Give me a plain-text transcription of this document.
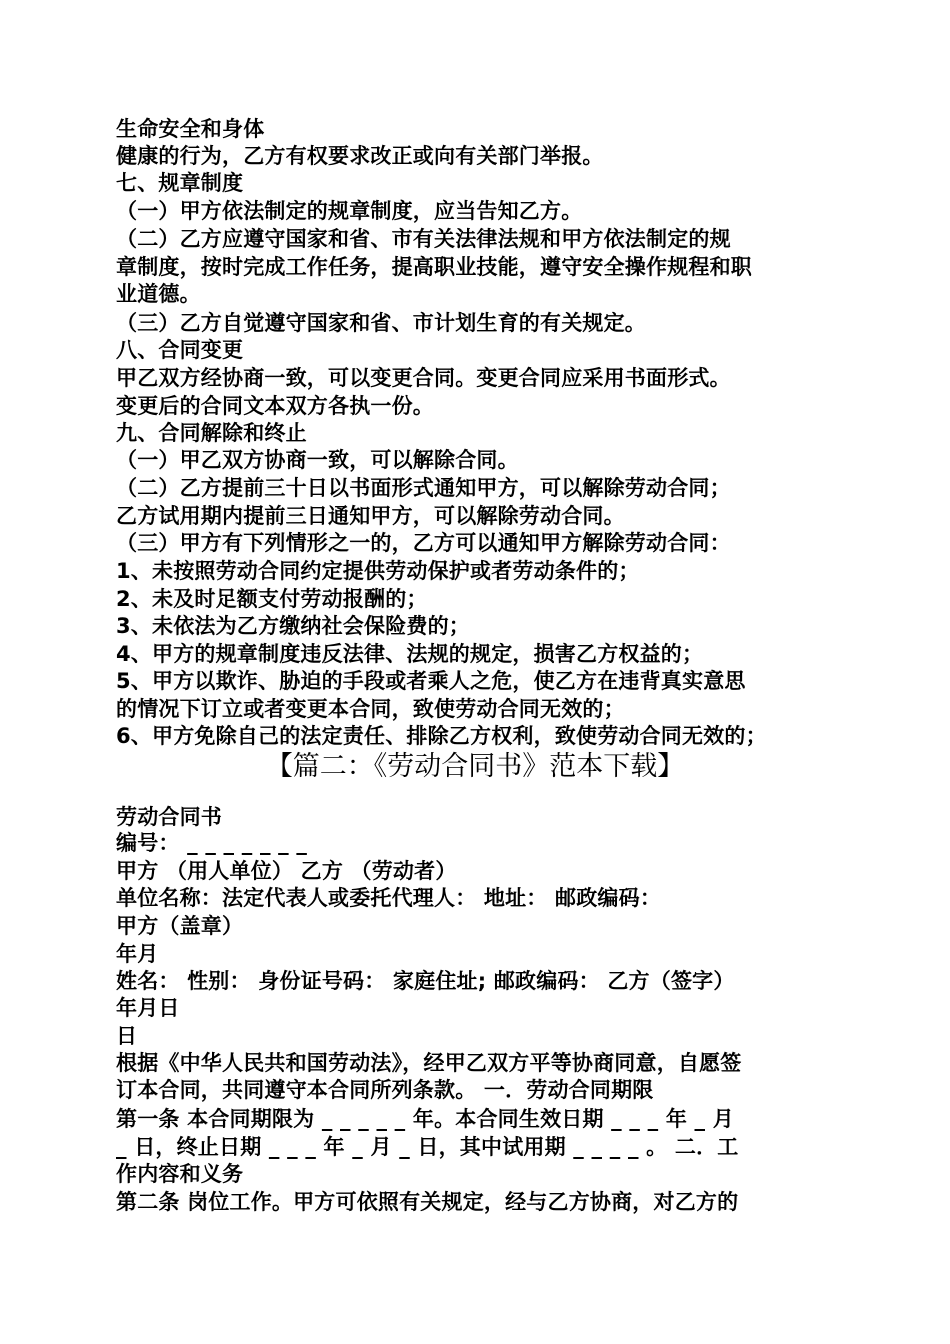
生命安全和身体
健康的行为，乙方有权要求改正或向有关部门举报。
七、规章制度
（一）甲方依法制定的规章制度，应当告知乙方。
（二）乙方应遵守国家和省、市有关法律法规和甲方依法制定的规
章制度，按时完成工作任务，提高职业技能，遵守安全操作规程和职
业道德。
（三）乙方自觉遵守国家和省、市计划生育的有关规定。
八、合同变更
甲乙双方经协商一致，可以变更合同。变更合同应采用书面形式。
变更后的合同文本双方各执一份。
九、合同解除和终止
（一）甲乙双方协商一致，可以解除合同。
（二）乙方提前三十日以书面形式通知甲方，可以解除劳动合同；
乙方试用期内提前三日通知甲方，可以解除劳动合同。
（三）甲方有下列情形之一的，乙方可以通知甲方解除劳动合同：
1、未按照劳动合同约定提供劳动保护或者劳动条件的；
2、未及时足额支付劳动报酬的；
3、未依法为乙方缴纳社会保险费的；
4、甲方的规章制度违反法律、法规的规定，损害乙方权益的；
5、甲方以欺诈、胁迫的手段或者乘人之危，使乙方在违背真实意思
的情况下订立或者变更本合同，致使劳动合同无效的；
6、甲方免除自己的法定责任、排除乙方权利，致使劳动合同无效的；
【篇二：《劳动合同书》范本下载】
劳动合同书
编号： _ _ _ _ _ _ _
甲方 （用人单位） 乙方 （劳动者）
单位名称：法定代表人或委托代理人： 地址： 邮政编码：
甲方（盖章）
年月
姓名： 性别： 身份证号码： 家庭住址; 邮政编码： 乙方（签字）
年月日
日
根据《中华人民共和国劳动法》，经甲乙双方平等协商同意，自愿签
订本合同，共同遵守本合同所列条款。 一．劳动合同期限
第一条 本合同期限为 _ _ _ _ _ 年。本合同生效日期 _ _ _ 年 _ 月
_ 日，终止日期 _ _ _ 年 _ 月 _ 日，其中试用期 _ _ _ _ 。 二．工
作内容和义务
第二条 岗位工作。甲方可依照有关规定，经与乙方协商，对乙方的
